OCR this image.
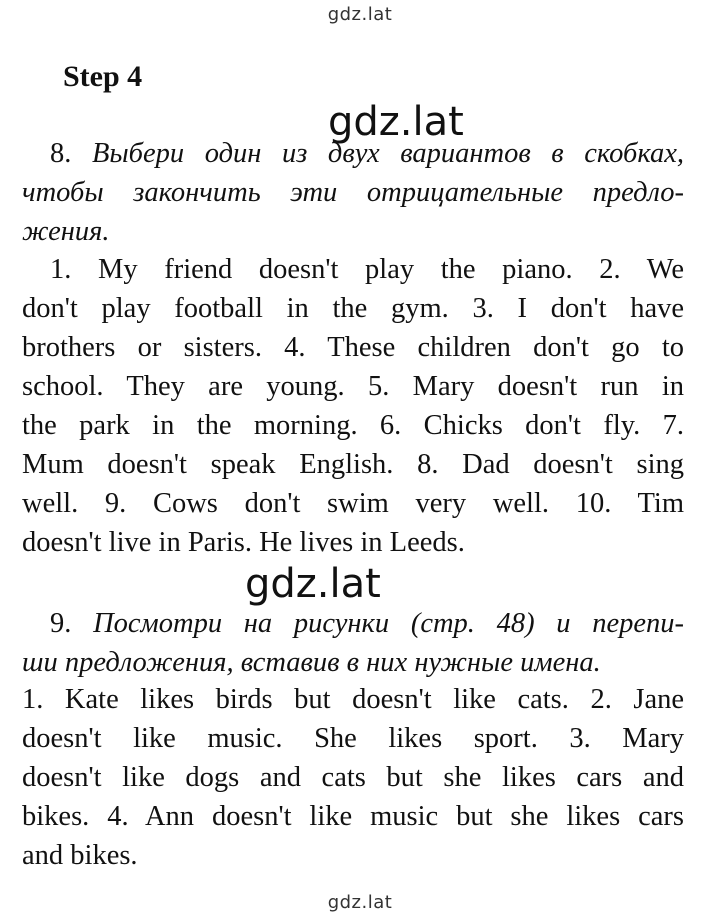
gdz.lat
gdz.lat
gdz.lat
gdz.lat
Step 4
8. Выбери один из двух вариантов в скобках,
чтобы закончить эти отрицательные предло-
жения.
1. My friend doesn't play the piano. 2. We
don't play football in the gym. 3. I don't have
brothers or sisters. 4. These children don't go to
school. They are young. 5. Mary doesn't run in
the park in the morning. 6. Chicks don't fly. 7.
Mum doesn't speak English. 8. Dad doesn't sing
well. 9. Cows don't swim very well. 10. Tim
doesn't live in Paris. He lives in Leeds.
9. Посмотри на рисунки (стр. 48) и перепи-
ши предложения, вставив в них нужные имена.
1. Kate likes birds but doesn't like cats. 2. Jane
doesn't like music. She likes sport. 3. Mary
doesn't like dogs and cats but she likes cars and
bikes. 4. Ann doesn't like music but she likes cars
and bikes.
